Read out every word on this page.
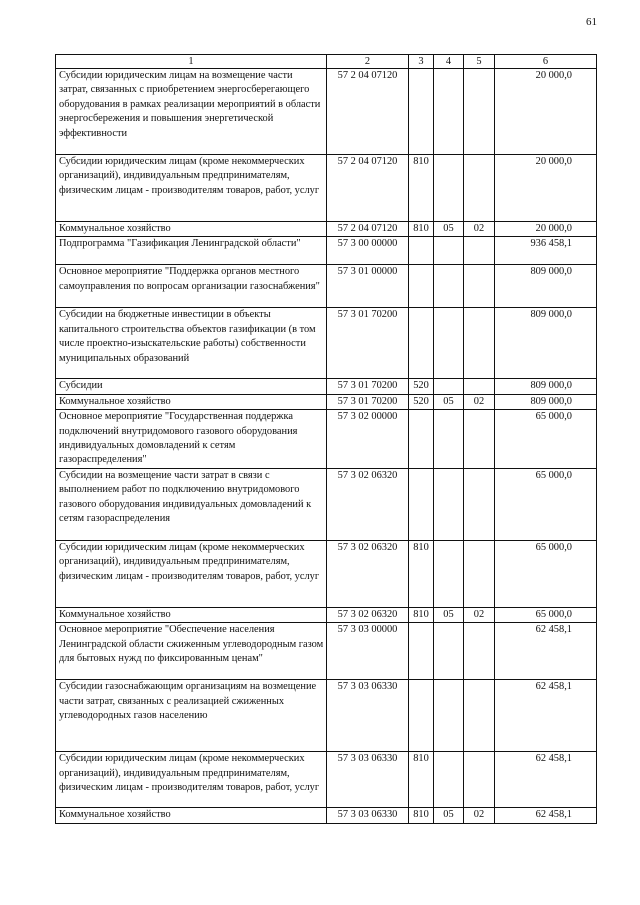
61
1	2	3	4	5	6
Субсидии юридическим лицам на возмещение части затрат, связанных с приобретением энергосберегающего оборудования в рамках реализации мероприятий в области энергосбережения и повышения энергетической эффективности	57 2 04 07120				20 000,0
Субсидии юридическим лицам (кроме некоммерческих организаций), индивидуальным предпринимателям, физическим лицам - производителям товаров, работ, услуг	57 2 04 07120	810			20 000,0
Коммунальное хозяйство	57 2 04 07120	810	05	02	20 000,0
Подпрограмма "Газификация Ленинградской области"	57 3 00 00000				936 458,1
Основное мероприятие "Поддержка органов местного самоуправления по вопросам организации газоснабжения"	57 3 01 00000				809 000,0
Субсидии на бюджетные инвестиции в объекты капитального строительства объектов газификации (в том числе проектно-изыскательские работы) собственности муниципальных образований	57 3 01 70200				809 000,0
Субсидии	57 3 01 70200	520			809 000,0
Коммунальное хозяйство	57 3 01 70200	520	05	02	809 000,0
Основное мероприятие "Государственная поддержка подключений внутридомового газового оборудования индивидуальных домовладений к сетям газораспределения"	57 3 02 00000				65 000,0
Субсидии на возмещение части затрат в связи с выполнением работ по подключению внутридомового газового оборудования индивидуальных домовладений к сетям газораспределения	57 3 02 06320				65 000,0
Субсидии юридическим лицам (кроме некоммерческих организаций), индивидуальным предпринимателям, физическим лицам - производителям товаров, работ, услуг	57 3 02 06320	810			65 000,0
Коммунальное хозяйство	57 3 02 06320	810	05	02	65 000,0
Основное мероприятие "Обеспечение населения Ленинградской области сжиженным углеводородным газом для бытовых нужд по фиксированным ценам"	57 3 03 00000				62 458,1
Субсидии газоснабжающим организациям на возмещение части затрат, связанных с реализацией сжиженных углеводородных газов населению	57 3 03 06330				62 458,1
Субсидии юридическим лицам (кроме некоммерческих организаций), индивидуальным предпринимателям, физическим лицам - производителям товаров, работ, услуг	57 3 03 06330	810			62 458,1
Коммунальное хозяйство	57 3 03 06330	810	05	02	62 458,1
